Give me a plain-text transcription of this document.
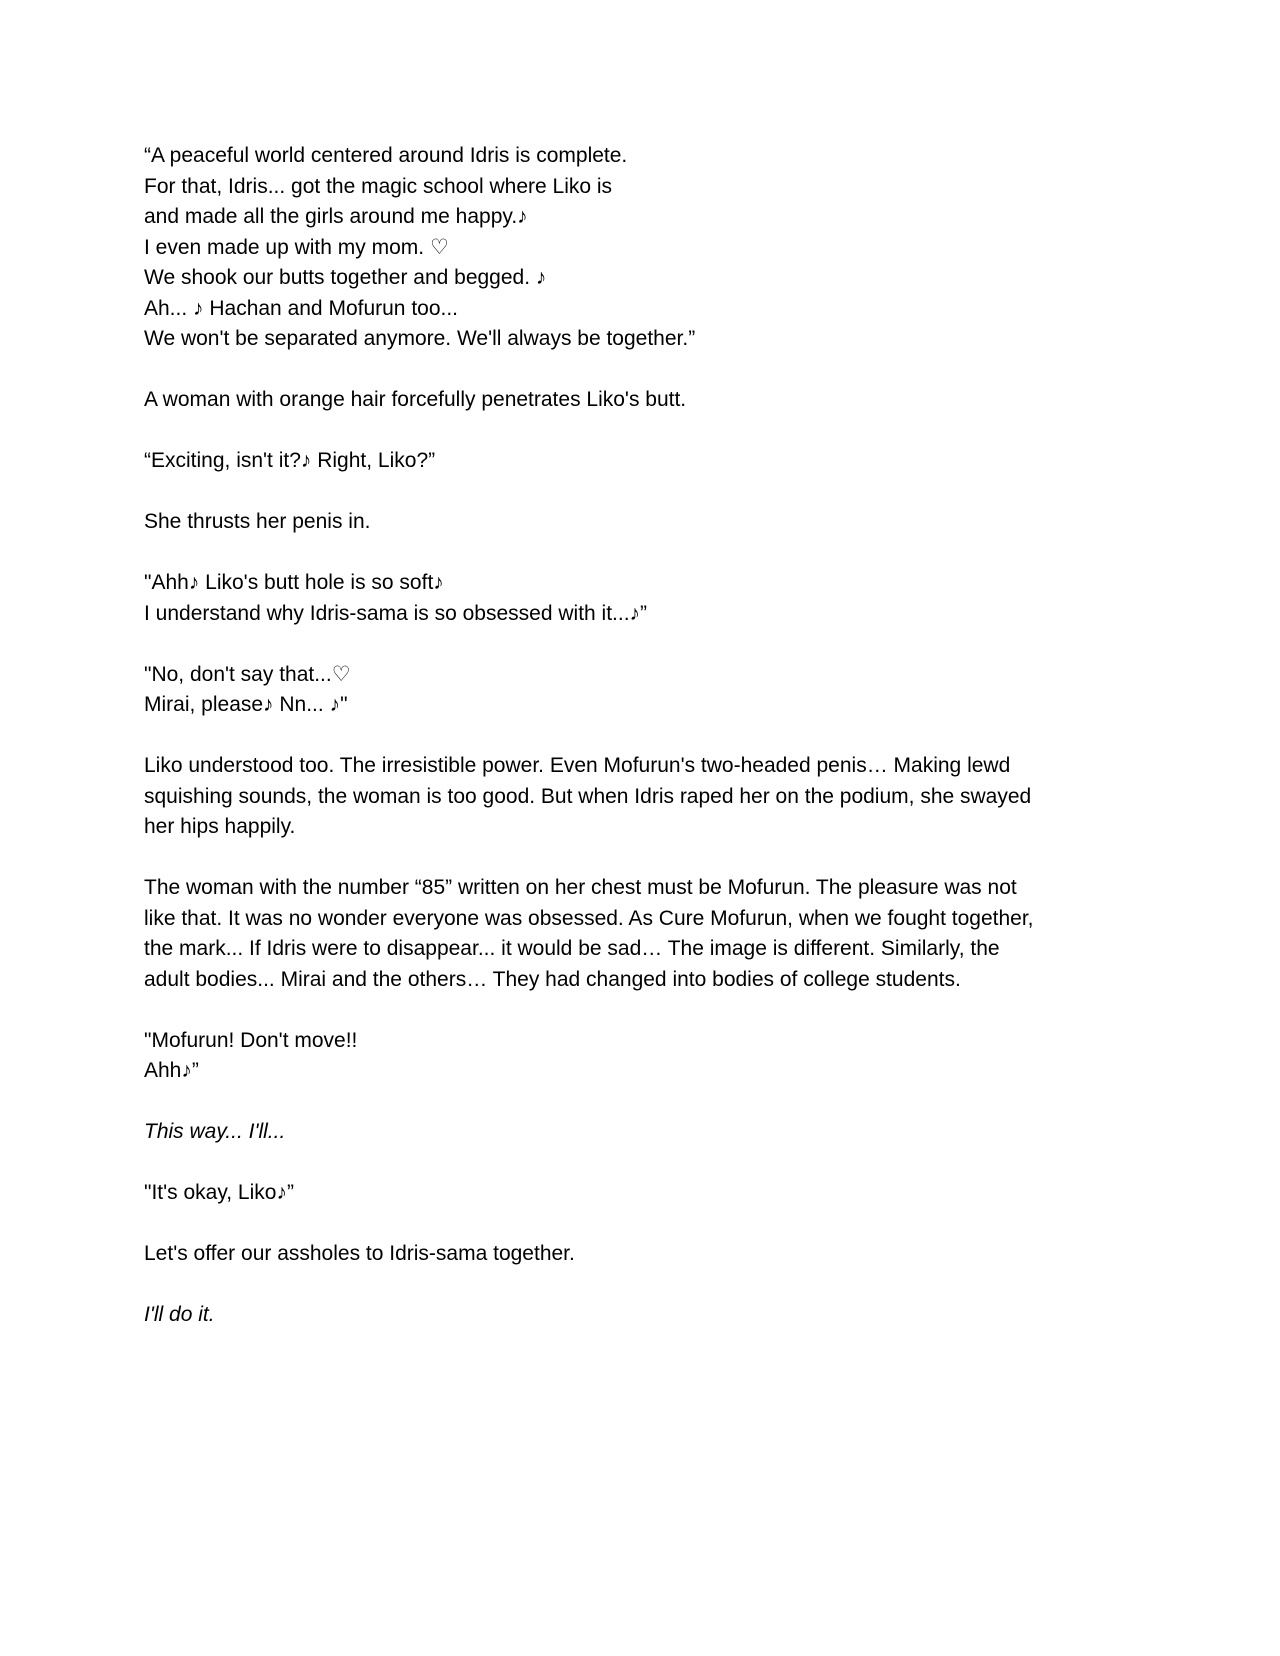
“A peaceful world centered around Idris is complete.
For that, Idris... got the magic school where Liko is
and made all the girls around me happy.♪
I even made up with my mom. ♡
We shook our butts together and begged. ♪
Ah... ♪ Hachan and Mofurun too...
We won't be separated anymore. We'll always be together.”
A woman with orange hair forcefully penetrates Liko's butt.
“Exciting, isn't it?♪ Right, Liko?”
She thrusts her penis in.
"Ahh♪ Liko's butt hole is so soft♪
I understand why Idris-sama is so obsessed with it...♪”
"No, don't say that...♡
Mirai, please♪ Nn... ♪"
Liko understood too. The irresistible power. Even Mofurun's two-headed penis… Making lewd
squishing sounds, the woman is too good. But when Idris raped her on the podium, she swayed
her hips happily.
The woman with the number “85” written on her chest must be Mofurun. The pleasure was not
like that. It was no wonder everyone was obsessed. As Cure Mofurun, when we fought together,
the mark... If Idris were to disappear... it would be sad… The image is different. Similarly, the
adult bodies... Mirai and the others… They had changed into bodies of college students.
"Mofurun! Don't move!!
Ahh♪”
This way... I'll...
"It's okay, Liko♪”
Let's offer our assholes to Idris-sama together.
I'll do it.
